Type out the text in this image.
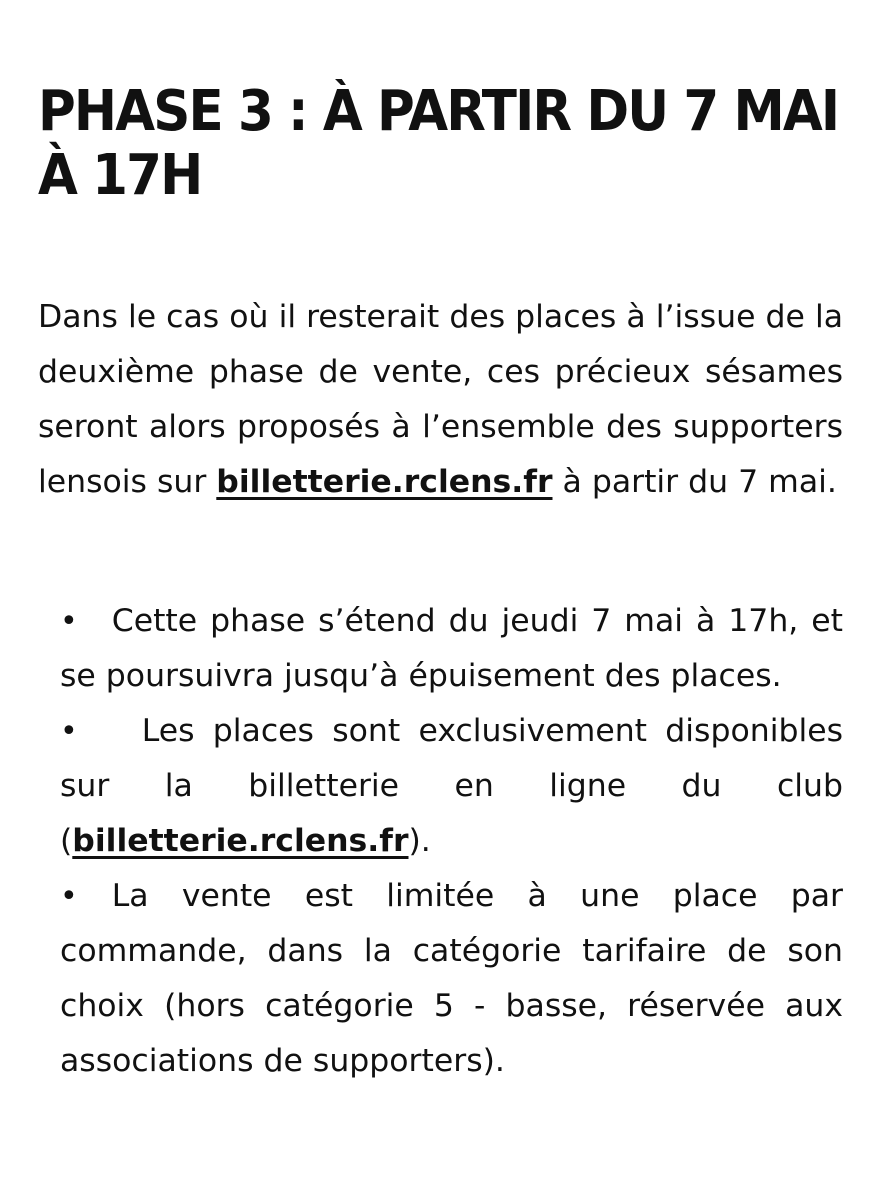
PHASE 3 : À PARTIR DU 7 MAI À 17H

Dans le cas où il resterait des places à l’issue de la deuxième phase de vente, ces précieux sésames seront alors proposés à l’ensemble des supporters lensois sur billetterie.rclens.fr à partir du 7 mai.

• Cette phase s’étend du jeudi 7 mai à 17h, et se poursuivra jusqu’à épuisement des places.
• Les places sont exclusivement disponibles sur la billetterie en ligne du club (billetterie.rclens.fr).
• La vente est limitée à une place par commande, dans la catégorie tarifaire de son choix (hors catégorie 5 - basse, réservée aux associations de supporters).
